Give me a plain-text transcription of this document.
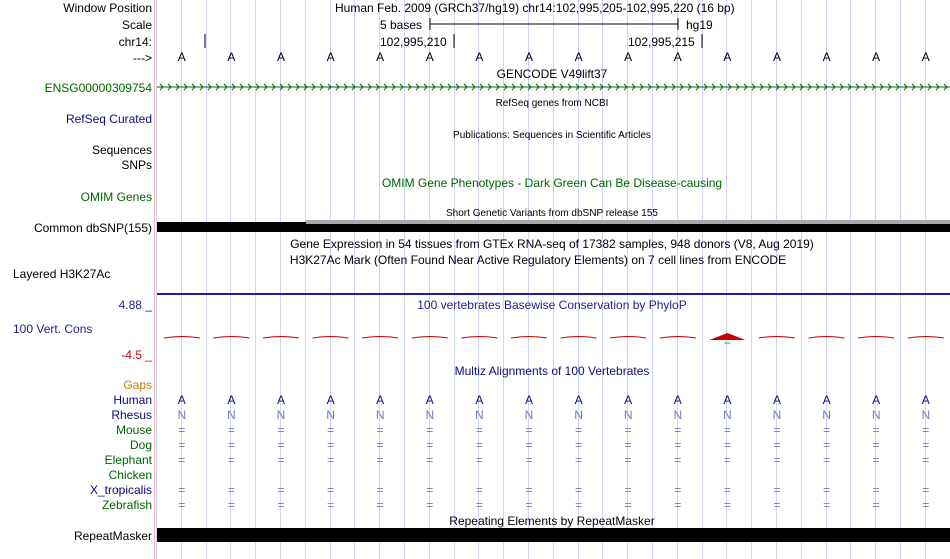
Window Position	Human Feb. 2009 (GRCh37/hg19) chr14:102,995,205-102,995,220 (16 bp)
Scale	5 bases	hg19
chr14:	102,995,210	102,995,215
--->
GENCODE V49lift37
ENSG00000309754
RefSeq genes from NCBI
RefSeq Curated
Publications: Sequences in Scientific Articles
Sequences
SNPs
OMIM Gene Phenotypes - Dark Green Can Be Disease-causing
OMIM Genes
Short Genetic Variants from dbSNP release 155
Common dbSNP(155)
Gene Expression in 54 tissues from GTEx RNA-seq of 17382 samples, 948 donors (V8, Aug 2019)
H3K27Ac Mark (Often Found Near Active Regulatory Elements) on 7 cell lines from ENCODE
Layered H3K27Ac
100 vertebrates Basewise Conservation by PhyloP
4.88 _
100 Vert. Cons
-4.5 _
Multiz Alignments of 100 Vertebrates
Gaps
Human	A	A	A	A	A	A	A	A	A	A	A	A	A	A	A	A
Rhesus	N	N	N	N	N	N	N	N	N	N	N	N	N	N	N	N
Mouse	=	=	=	=	=	=	=	=	=	=	=	=	=	=	=	=
Dog	=	=	=	=	=	=	=	=	=	=	=	=	=	=	=	=
Elephant	=	=	=	=	=	=	=	=	=	=	=	=	=	=	=	=
Chicken
X_tropicalis	=	=	=	=	=	=	=	=	=	=	=	=	=	=	=	=
Zebrafish	=	=	=	=	=	=	=	=	=	=	=	=	=	=	=	=
Repeating Elements by RepeatMasker
RepeatMasker
A	A	A	A	A	A	A	A	A	A	A	A	A	A	A	A
